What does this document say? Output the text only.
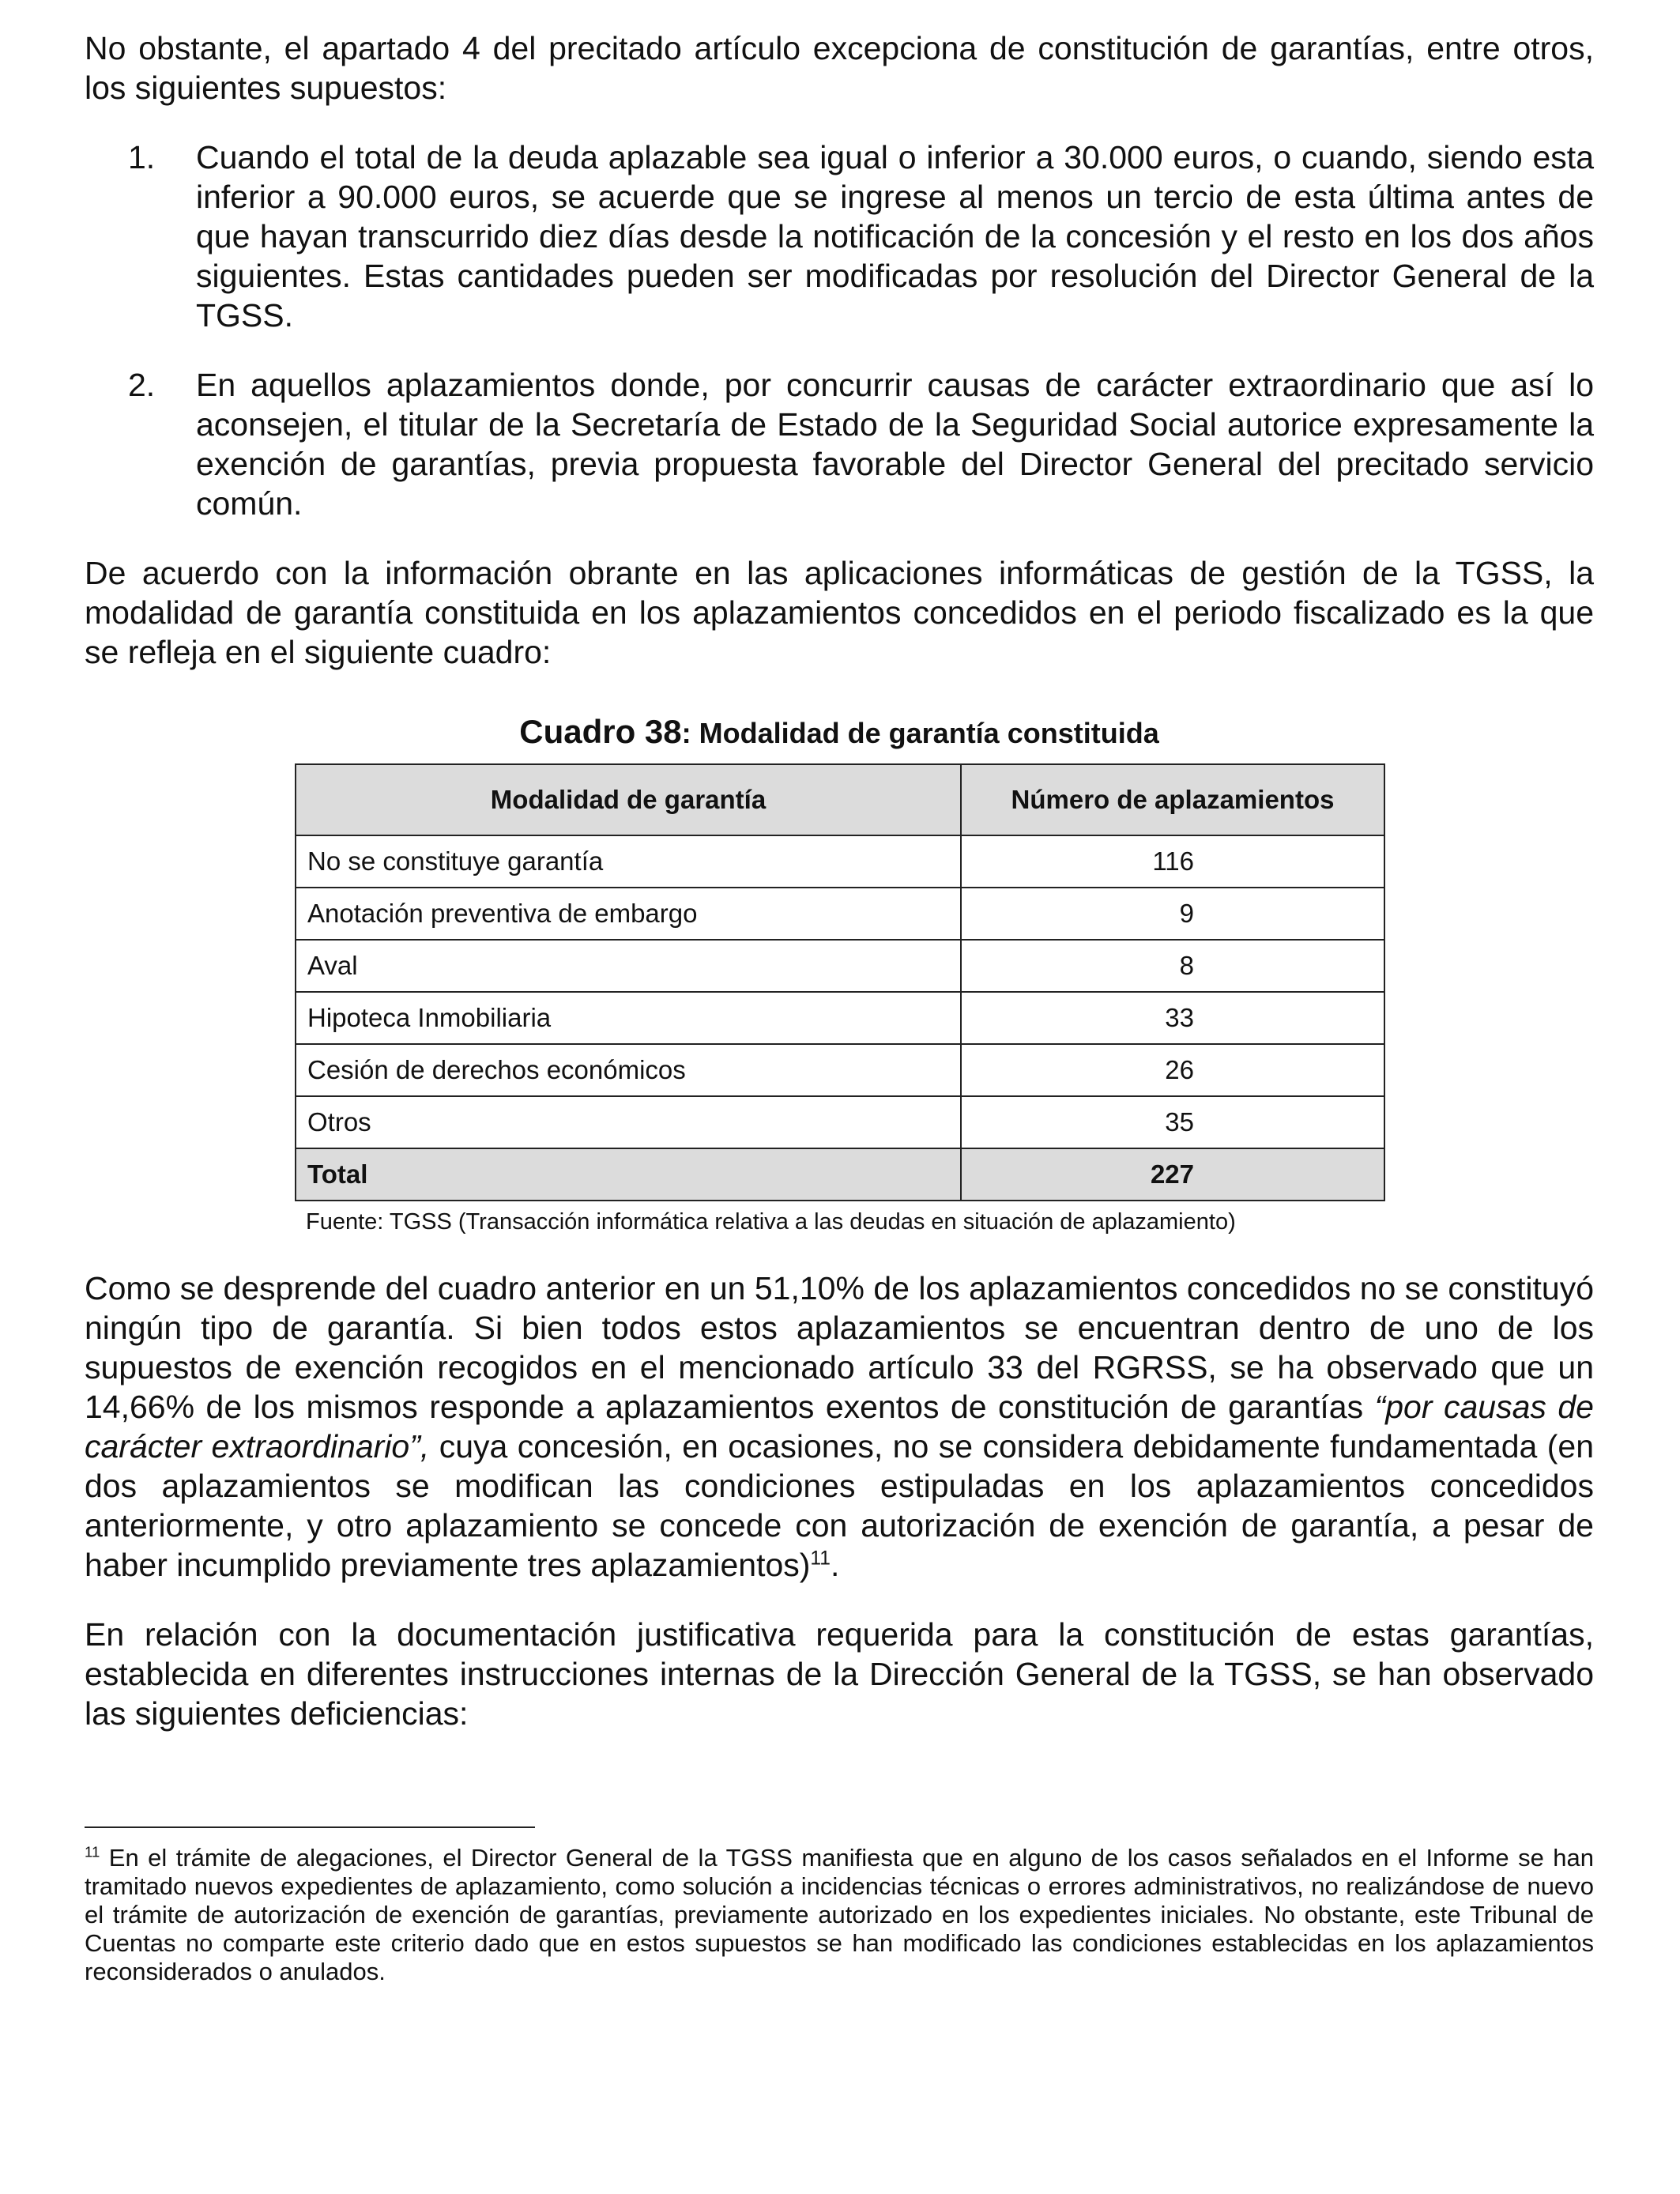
No obstante, el apartado 4 del precitado artículo excepciona de constitución de garantías, entre otros, los siguientes supuestos:

1. Cuando el total de la deuda aplazable sea igual o inferior a 30.000 euros, o cuando, siendo esta inferior a 90.000 euros, se acuerde que se ingrese al menos un tercio de esta última antes de que hayan transcurrido diez días desde la notificación de la concesión y el resto en los dos años siguientes. Estas cantidades pueden ser modificadas por resolución del Director General de la TGSS.
2. En aquellos aplazamientos donde, por concurrir causas de carácter extraordinario que así lo aconsejen, el titular de la Secretaría de Estado de la Seguridad Social autorice expresamente la exención de garantías, previa propuesta favorable del Director General del precitado servicio común.

De acuerdo con la información obrante en las aplicaciones informáticas de gestión de la TGSS, la modalidad de garantía constituida en los aplazamientos concedidos en el periodo fiscalizado es la que se refleja en el siguiente cuadro:

Cuadro 38: Modalidad de garantía constituida

Modalidad de garantía	Número de aplazamientos
No se constituye garantía	116
Anotación preventiva de embargo	9
Aval	8
Hipoteca Inmobiliaria	33
Cesión de derechos económicos	26
Otros	35
Total	227
Fuente: TGSS (Transacción informática relativa a las deudas en situación de aplazamiento)

Como se desprende del cuadro anterior en un 51,10% de los aplazamientos concedidos no se constituyó ningún tipo de garantía. Si bien todos estos aplazamientos se encuentran dentro de uno de los supuestos de exención recogidos en el mencionado artículo 33 del RGRSS, se ha observado que un 14,66% de los mismos responde a aplazamientos exentos de constitución de garantías “por causas de carácter extraordinario”, cuya concesión, en ocasiones, no se considera debidamente fundamentada (en dos aplazamientos se modifican las condiciones estipuladas en los aplazamientos concedidos anteriormente, y otro aplazamiento se concede con autorización de exención de garantía, a pesar de haber incumplido previamente tres aplazamientos)$^{11}$.

En relación con la documentación justificativa requerida para la constitución de estas garantías, establecida en diferentes instrucciones internas de la Dirección General de la TGSS, se han observado las siguientes deficiencias:

$^{11}$ En el trámite de alegaciones, el Director General de la TGSS manifiesta que en alguno de los casos señalados en el Informe se han tramitado nuevos expedientes de aplazamiento, como solución a incidencias técnicas o errores administrativos, no realizándose de nuevo el trámite de autorización de exención de garantías, previamente autorizado en los expedientes iniciales. No obstante, este Tribunal de Cuentas no comparte este criterio dado que en estos supuestos se han modificado las condiciones establecidas en los aplazamientos reconsiderados o anulados.
